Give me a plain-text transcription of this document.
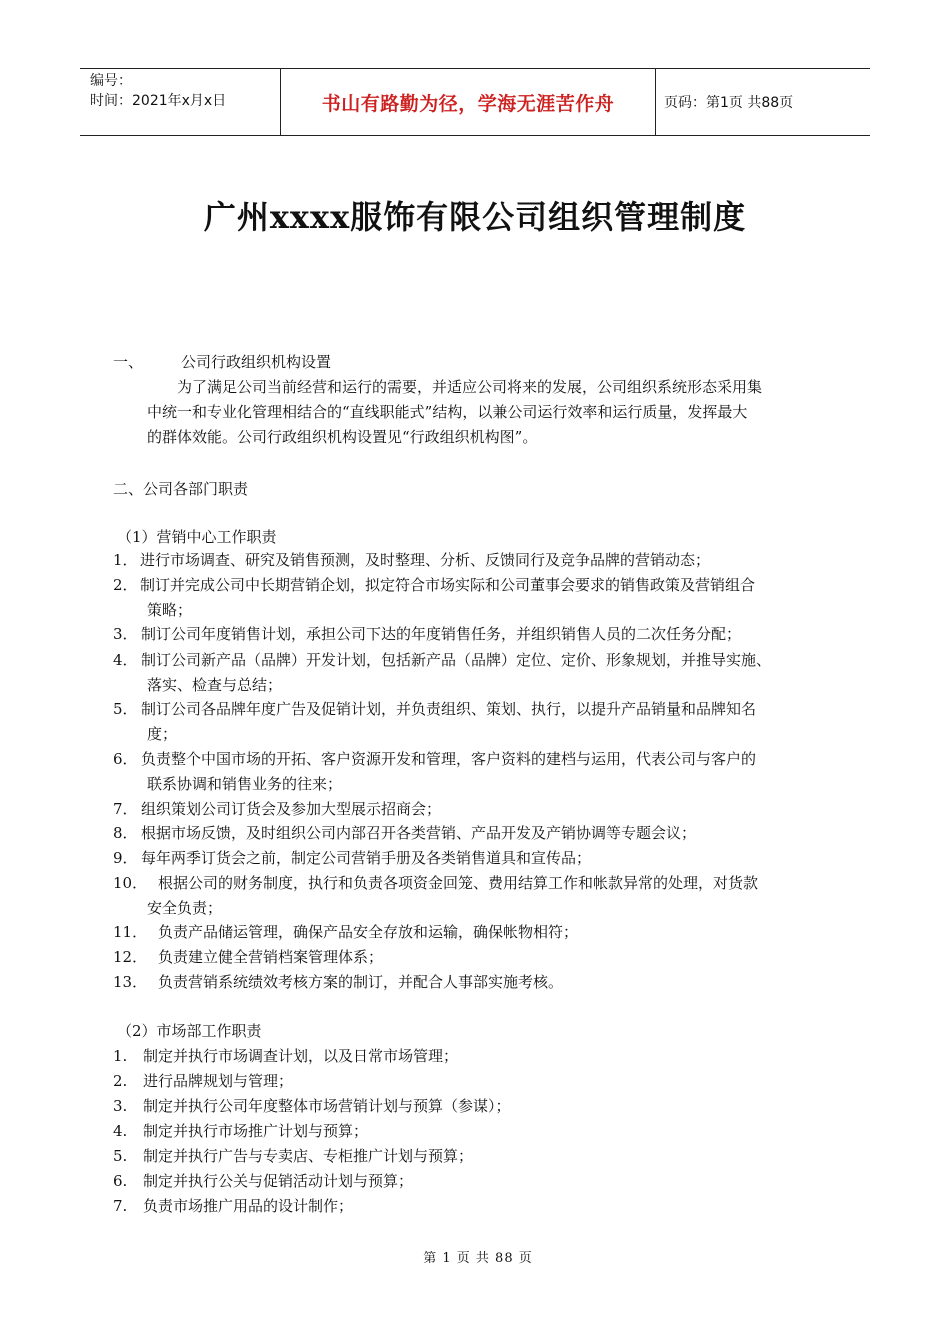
编号：
时间：2021年x月x日	书山有路勤为径，学海无涯苦作舟	页码：第1页 共88页
广州xxxx服饰有限公司组织管理制度
一、	公司行政组织机构设置
为了满足公司当前经营和运行的需要，并适应公司将来的发展，公司组织系统形态采用集
中统一和专业化管理相结合的“直线职能式”结构，以兼公司运行效率和运行质量，发挥最大
的群体效能。公司行政组织机构设置见“行政组织机构图”。
二、公司各部门职责
（1）营销中心工作职责
1． 进行市场调查、研究及销售预测，及时整理、分析、反馈同行及竞争品牌的营销动态；
2． 制订并完成公司中长期营销企划，拟定符合市场实际和公司董事会要求的销售政策及营销组合
策略；
3． 制订公司年度销售计划，承担公司下达的年度销售任务，并组织销售人员的二次任务分配；
4． 制订公司新产品（品牌）开发计划，包括新产品（品牌）定位、定价、形象规划，并推导实施、
落实、检查与总结；
5． 制订公司各品牌年度广告及促销计划，并负责组织、策划、执行，以提升产品销量和品牌知名
度；
6． 负责整个中国市场的开拓、客户资源开发和管理，客户资料的建档与运用，代表公司与客户的
联系协调和销售业务的往来；
7． 组织策划公司订货会及参加大型展示招商会；
8． 根据市场反馈，及时组织公司内部召开各类营销、产品开发及产销协调等专题会议；
9． 每年两季订货会之前，制定公司营销手册及各类销售道具和宣传品；
10． 根据公司的财务制度，执行和负责各项资金回笼、费用结算工作和帐款异常的处理，对货款
安全负责；
11． 负责产品储运管理，确保产品安全存放和运输，确保帐物相符；
12． 负责建立健全营销档案管理体系；
13． 负责营销系统绩效考核方案的制订，并配合人事部实施考核。
（2）市场部工作职责
1. 制定并执行市场调查计划，以及日常市场管理；
2. 进行品牌规划与管理；
3. 制定并执行公司年度整体市场营销计划与预算（参谋）；
4. 制定并执行市场推广计划与预算；
5. 制定并执行广告与专卖店、专柜推广计划与预算；
6. 制定并执行公关与促销活动计划与预算；
7. 负责市场推广用品的设计制作；
第 1 页 共 88 页
